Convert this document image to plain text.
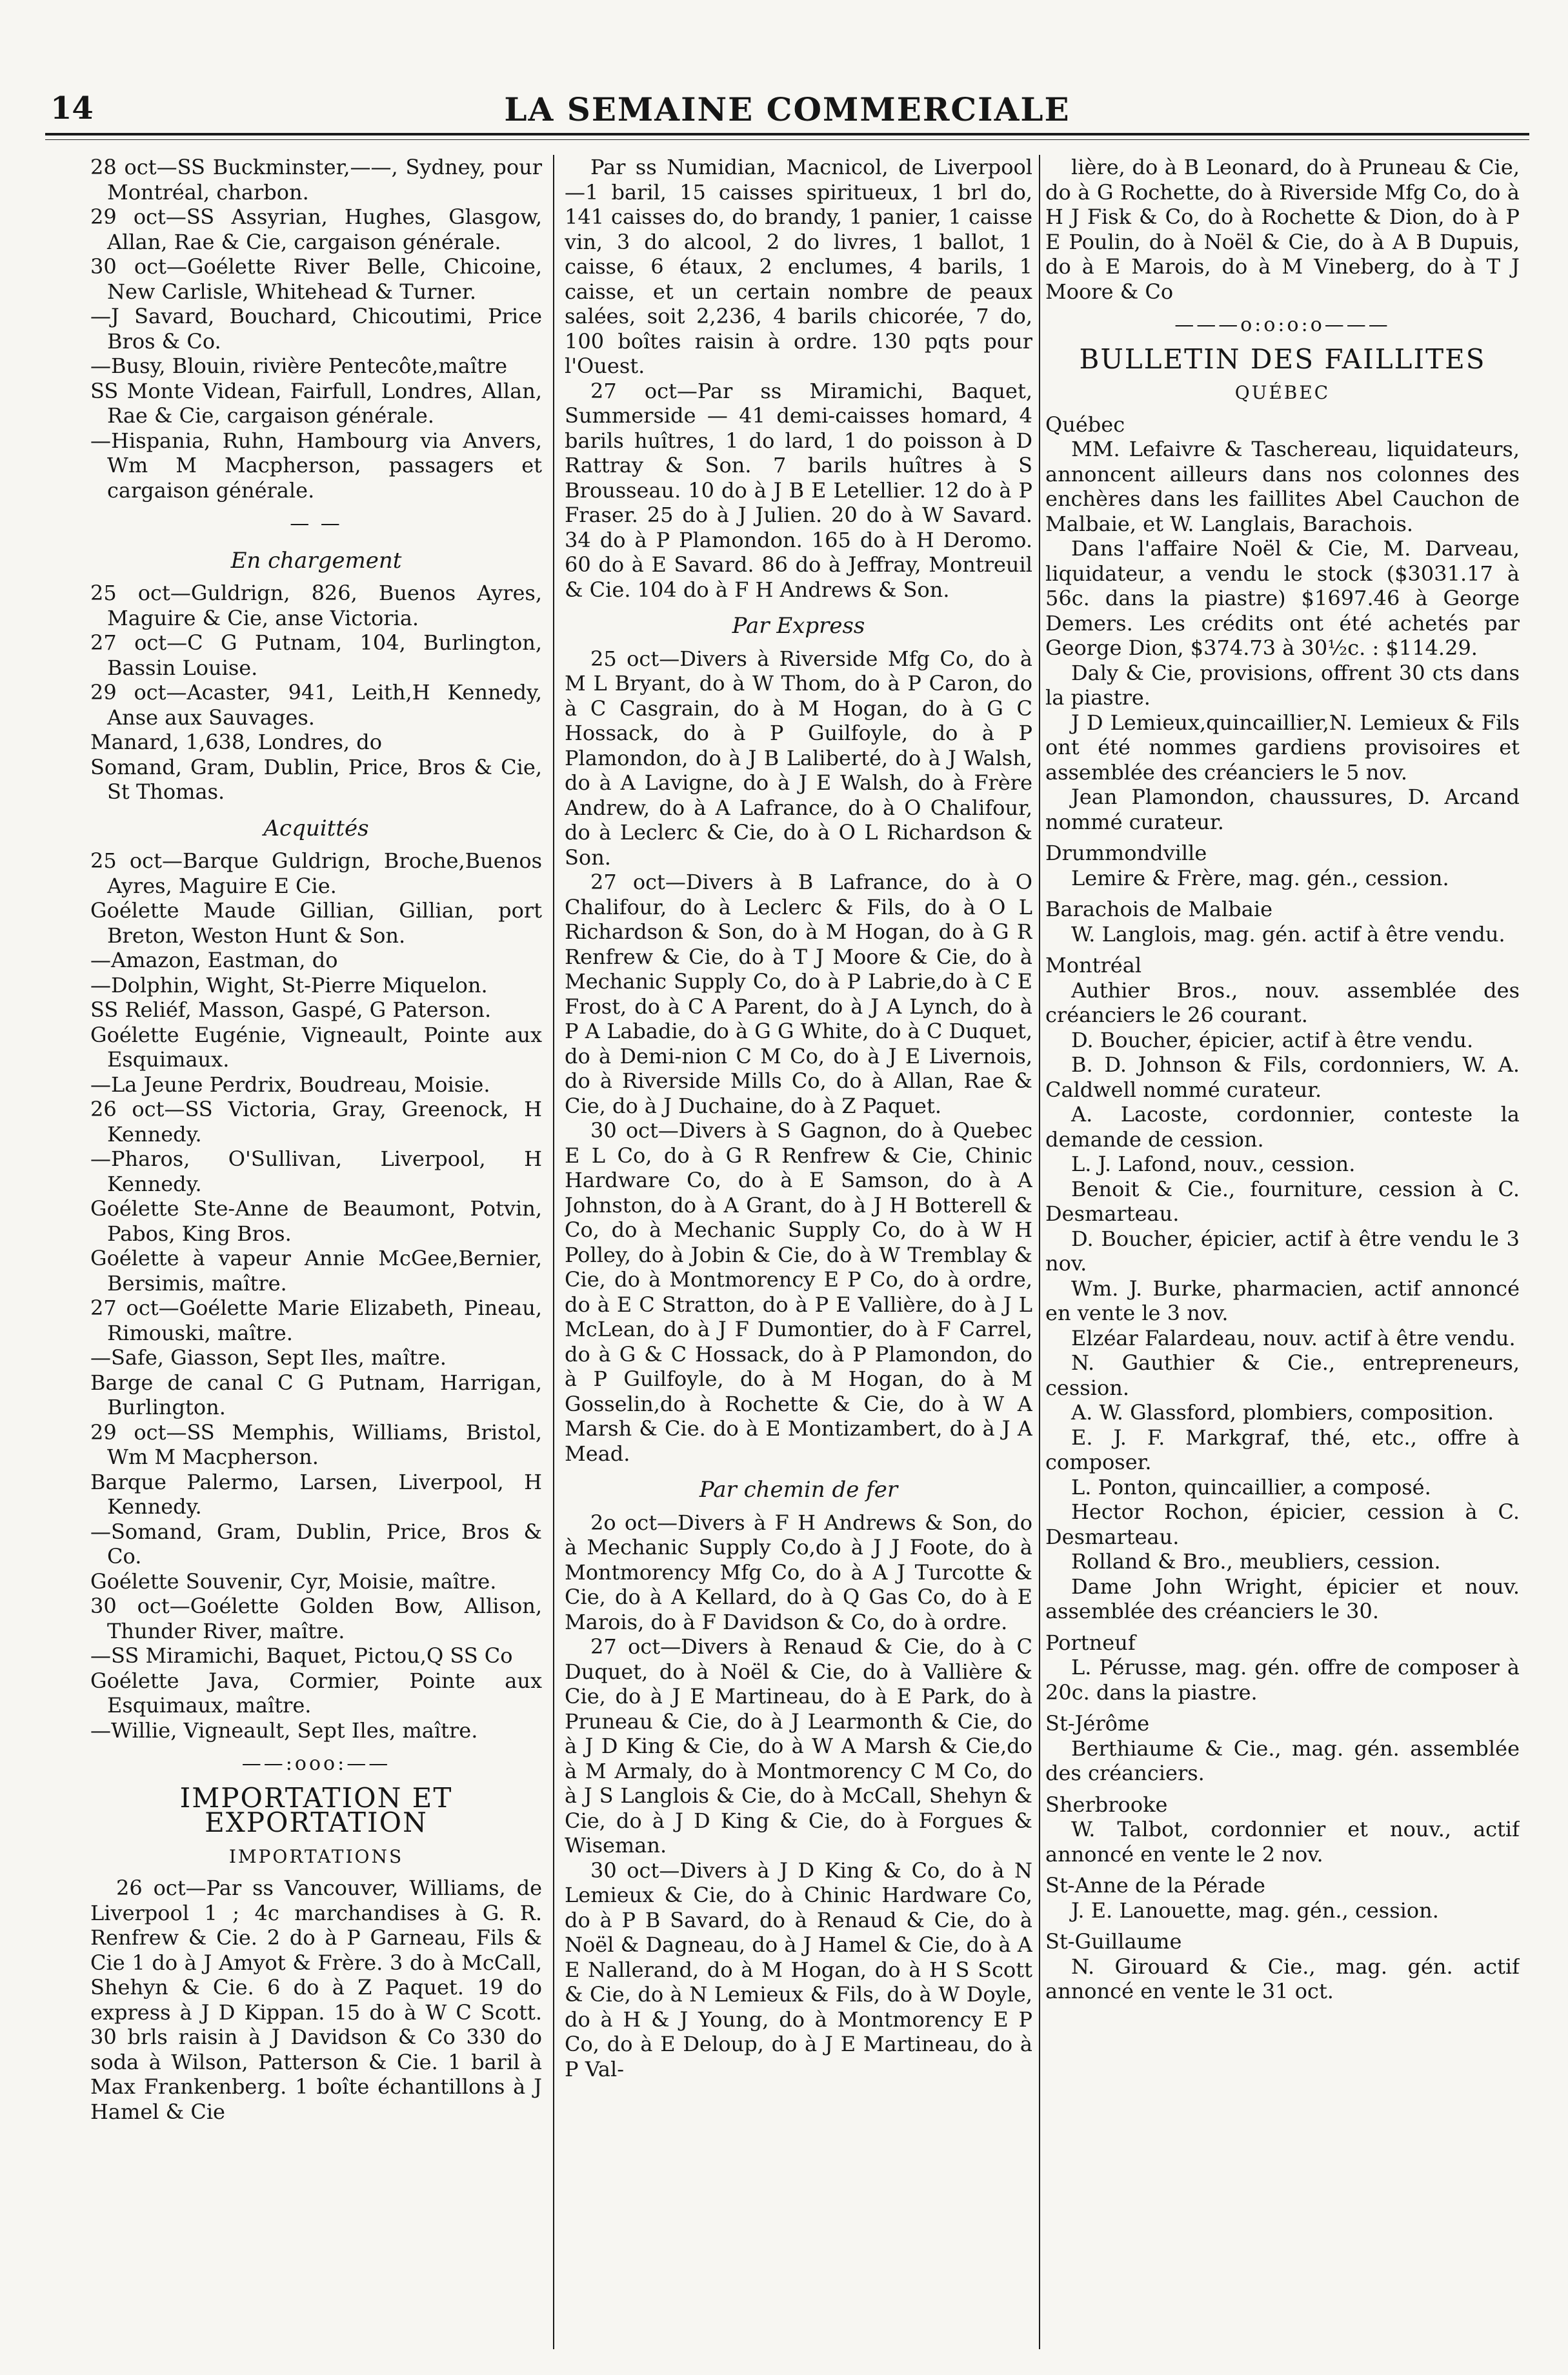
14	LA SEMAINE COMMERCIALE

28 oct—SS Buckminster,——, Sydney, pour Montréal, charbon.

29 oct—SS Assyrian, Hughes, Glasgow, Allan, Rae & Cie, cargaison générale.

30 oct—Goélette River Belle, Chicoine, New Carlisle, Whitehead & Turner.

—J Savard, Bouchard, Chicoutimi, Price Bros & Co.

—Busy, Blouin, rivière Pentecôte,maître

SS Monte Videan, Fairfull, Londres, Allan, Rae & Cie, cargaison générale.

—Hispania, Ruhn, Hambourg via Anvers, Wm M Macpherson, passagers et cargaison générale.

— —

En chargement

25 oct—Guldrign, 826, Buenos Ayres, Maguire & Cie, anse Victoria.

27 oct—C G Putnam, 104, Burlington, Bassin Louise.

29 oct—Acaster, 941, Leith,H Kennedy, Anse aux Sauvages.

Manard, 1,638, Londres, do

Somand, Gram, Dublin, Price, Bros & Cie, St Thomas.

Acquittés

25 oct—Barque Guldrign, Broche,Buenos Ayres, Maguire E Cie.

Goélette Maude Gillian, Gillian, port Breton, Weston Hunt & Son.

—Amazon, Eastman, do

—Dolphin, Wight, St-Pierre Miquelon.

SS Reliéf, Masson, Gaspé, G Paterson.

Goélette Eugénie, Vigneault, Pointe aux Esquimaux.

—La Jeune Perdrix, Boudreau, Moisie.

26 oct—SS Victoria, Gray, Greenock, H Kennedy.

—Pharos, O'Sullivan, Liverpool, H Kennedy.

Goélette Ste-Anne de Beaumont, Potvin, Pabos, King Bros.

Goélette à vapeur Annie McGee,Bernier, Bersimis, maître.

27 oct—Goélette Marie Elizabeth, Pineau, Rimouski, maître.

—Safe, Giasson, Sept Iles, maître.

Barge de canal C G Putnam, Harrigan, Burlington.

29 oct—SS Memphis, Williams, Bristol, Wm M Macpherson.

Barque Palermo, Larsen, Liverpool, H Kennedy.

—Somand, Gram, Dublin, Price, Bros & Co.

Goélette Souvenir, Cyr, Moisie, maître.

30 oct—Goélette Golden Bow, Allison, Thunder River, maître.

—SS Miramichi, Baquet, Pictou,Q SS Co

Goélette Java, Cormier, Pointe aux Esquimaux, maître.

—Willie, Vigneault, Sept Iles, maître.

——:ooo:——

IMPORTATION ET EXPORTATION

IMPORTATIONS

26 oct—Par ss Vancouver, Williams, de Liverpool 1 ; 4c marchandises à G. R. Renfrew & Cie. 2 do à P Garneau, Fils & Cie 1 do à J Amyot & Frère. 3 do à McCall, Shehyn & Cie. 6 do à Z Paquet. 19 do express à J D Kippan. 15 do à W C Scott. 30 brls raisin à J Davidson & Co 330 do soda à Wilson, Patterson & Cie. 1 baril à Max Frankenberg. 1 boîte échantillons à J Hamel & Cie

Par ss Numidian, Macnicol, de Liverpool—1 baril, 15 caisses spiritueux, 1 brl do, 141 caisses do, do brandy, 1 panier, 1 caisse vin, 3 do alcool, 2 do livres, 1 ballot, 1 caisse, 6 étaux, 2 enclumes, 4 barils, 1 caisse, et un certain nombre de peaux salées, soit 2,236, 4 barils chicorée, 7 do, 100 boîtes raisin à ordre. 130 pqts pour l'Ouest.

27 oct—Par ss Miramichi, Baquet, Summerside — 41 demi-caisses homard, 4 barils huîtres, 1 do lard, 1 do poisson à D Rattray & Son. 7 barils huîtres à S Brousseau. 10 do à J B E Letellier. 12 do à P Fraser. 25 do à J Julien. 20 do à W Savard. 34 do à P Plamondon. 165 do à H Deromo. 60 do à E Savard. 86 do à Jeffray, Montreuil & Cie. 104 do à F H Andrews & Son.

Par Express

25 oct—Divers à Riverside Mfg Co, do à M L Bryant, do à W Thom, do à P Caron, do à C Casgrain, do à M Hogan, do à G C Hossack, do à P Guilfoyle, do à P Plamondon, do à J B Laliberté, do à J Walsh, do à A Lavigne, do à J E Walsh, do à Frère Andrew, do à A Lafrance, do à O Chalifour, do à Leclerc & Cie, do à O L Richardson & Son.

27 oct—Divers à B Lafrance, do à O Chalifour, do à Leclerc & Fils, do à O L Richardson & Son, do à M Hogan, do à G R Renfrew & Cie, do à T J Moore & Cie, do à Mechanic Supply Co, do à P Labrie,do à C E Frost, do à C A Parent, do à J A Lynch, do à P A Labadie, do à G G White, do à C Duquet, do à Demi-nion C M Co, do à J E Livernois, do à Riverside Mills Co, do à Allan, Rae & Cie, do à J Duchaine, do à Z Paquet.

30 oct—Divers à S Gagnon, do à Quebec E L Co, do à G R Renfrew & Cie, Chinic Hardware Co, do à E Samson, do à A Johnston, do à A Grant, do à J H Botterell & Co, do à Mechanic Supply Co, do à W H Polley, do à Jobin & Cie, do à W Tremblay & Cie, do à Montmorency E P Co, do à ordre, do à E C Stratton, do à P E Vallière, do à J L McLean, do à J F Dumontier, do à F Carrel, do à G & C Hossack, do à P Plamondon, do à P Guilfoyle, do à M Hogan, do à M Gosselin,do à Rochette & Cie, do à W A Marsh & Cie. do à E Montizambert, do à J A Mead.

Par chemin de fer

2o oct—Divers à F H Andrews & Son, do à Mechanic Supply Co,do à J J Foote, do à Montmorency Mfg Co, do à A J Turcotte & Cie, do à A Kellard, do à Q Gas Co, do à E Marois, do à F Davidson & Co, do à ordre.

27 oct—Divers à Renaud & Cie, do à C Duquet, do à Noël & Cie, do à Vallière & Cie, do à J E Martineau, do à E Park, do à Pruneau & Cie, do à J Learmonth & Cie, do à J D King & Cie, do à W A Marsh & Cie,do à M Armaly, do à Montmorency C M Co, do à J S Langlois & Cie, do à McCall, Shehyn & Cie, do à J D King & Cie, do à Forgues & Wiseman.

30 oct—Divers à J D King & Co, do à N Lemieux & Cie, do à Chinic Hardware Co, do à P B Savard, do à Renaud & Cie, do à Noël & Dagneau, do à J Hamel & Cie, do à A E Nallerand, do à M Hogan, do à H S Scott & Cie, do à N Lemieux & Fils, do à W Doyle, do à H & J Young, do à Montmorency E P Co, do à E Deloup, do à J E Martineau, do à P Val-

lière, do à B Leonard, do à Pruneau & Cie, do à G Rochette, do à Riverside Mfg Co, do à H J Fisk & Co, do à Rochette & Dion, do à P E Poulin, do à Noël & Cie, do à A B Dupuis, do à E Marois, do à M Vineberg, do à T J Moore & Co

———o:o:o:o———

BULLETIN DES FAILLITES

QUÉBEC

Québec

MM. Lefaivre & Taschereau, liquidateurs, annoncent ailleurs dans nos colonnes des enchères dans les faillites Abel Cauchon de Malbaie, et W. Langlais, Barachois.

Dans l'affaire Noël & Cie, M. Darveau, liquidateur, a vendu le stock ($3031.17 à 56c. dans la piastre) $1697.46 à George Demers. Les crédits ont été achetés par George Dion, $374.73 à 30½c. : $114.29.

Daly & Cie, provisions, offrent 30 cts dans la piastre.

J D Lemieux,quincaillier,N. Lemieux & Fils ont été nommes gardiens provisoires et assemblée des créanciers le 5 nov.

Jean Plamondon, chaussures, D. Arcand nommé curateur.

Drummondville

Lemire & Frère, mag. gén., cession.

Barachois de Malbaie

W. Langlois, mag. gén. actif à être vendu.

Montréal

Authier Bros., nouv. assemblée des créanciers le 26 courant.

D. Boucher, épicier, actif à être vendu.

B. D. Johnson & Fils, cordonniers, W. A. Caldwell nommé curateur.

A. Lacoste, cordonnier, conteste la demande de cession.

L. J. Lafond, nouv., cession.

Benoit & Cie., fourniture, cession à C. Desmarteau.

D. Boucher, épicier, actif à être vendu le 3 nov.

Wm. J. Burke, pharmacien, actif annoncé en vente le 3 nov.

Elzéar Falardeau, nouv. actif à être vendu.

N. Gauthier & Cie., entrepreneurs, cession.

A. W. Glassford, plombiers, composition.

E. J. F. Markgraf, thé, etc., offre à composer.

L. Ponton, quincaillier, a composé.

Hector Rochon, épicier, cession à C. Desmarteau.

Rolland & Bro., meubliers, cession.

Dame John Wright, épicier et nouv. assemblée des créanciers le 30.

Portneuf

L. Pérusse, mag. gén. offre de composer à 20c. dans la piastre.

St-Jérôme

Berthiaume & Cie., mag. gén. assemblée des créanciers.

Sherbrooke

W. Talbot, cordonnier et nouv., actif annoncé en vente le 2 nov.

St-Anne de la Pérade

J. E. Lanouette, mag. gén., cession.

St-Guillaume

N. Girouard & Cie., mag. gén. actif annoncé en vente le 31 oct.
